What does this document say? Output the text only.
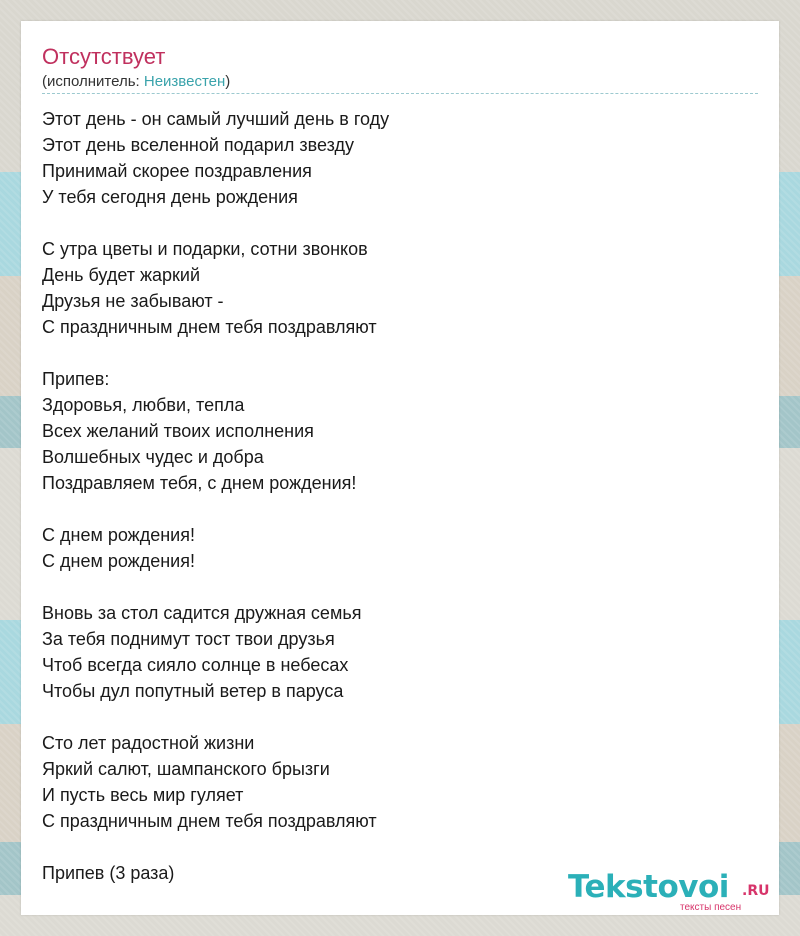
Отсутствует
(исполнитель: Неизвестен)
Этот день - он самый лучший день в году
Этот день вселенной подарил звезду
Принимай скорее поздравления
У тебя сегодня день рождения
С утра цветы и подарки, сотни звонков
День будет жаркий
Друзья не забывают -
С праздничным днем тебя поздравляют
Припев:
Здоровья, любви, тепла
Всех желаний твоих исполнения
Волшебных чудес и добра
Поздравляем тебя, с днем рождения!
С днем рождения!
С днем рождения!
Вновь за стол садится дружная семья
За тебя поднимут тост твои друзья
Чтоб всегда сияло солнце в небесах
Чтобы дул попутный ветер в паруса
Сто лет радостной жизни
Яркий салют, шампанского брызги
И пусть весь мир гуляет
С праздничным днем тебя поздравляют
Припев (3 раза)	Tekstovoi .RU
тексты песен
